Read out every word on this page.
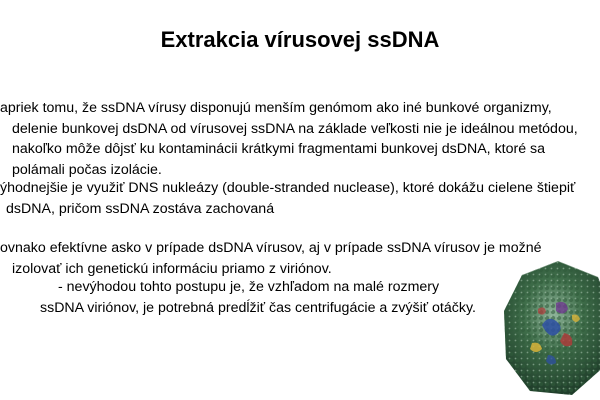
Extrakcia vírusovej ssDNA
apriek tomu, že ssDNA vírusy disponujú menším genómom ako iné bunkové organizmy,
delenie bunkovej dsDNA od vírusovej ssDNA na základe veľkosti nie je ideálnou metódou,
nakoľko môže dôjsť ku kontaminácii krátkymi fragmentami bunkovej dsDNA, ktoré sa
polámali počas izolácie.
ýhodnejšie je využiť DNS nukleázy (double-stranded nuclease), ktoré dokážu cielene štiepiť
dsDNA, pričom ssDNA zostáva zachovaná
ovnako efektívne asko v prípade dsDNA vírusov, aj v prípade ssDNA vírusov je možné
izolovať ich genetickú informáciu priamo z viriónov.
- nevýhodou tohto postupu je, že vzhľadom na malé rozmery
ssDNA viriónov, je potrebná predĺžiť čas centrifugácie a zvýšiť otáčky.
